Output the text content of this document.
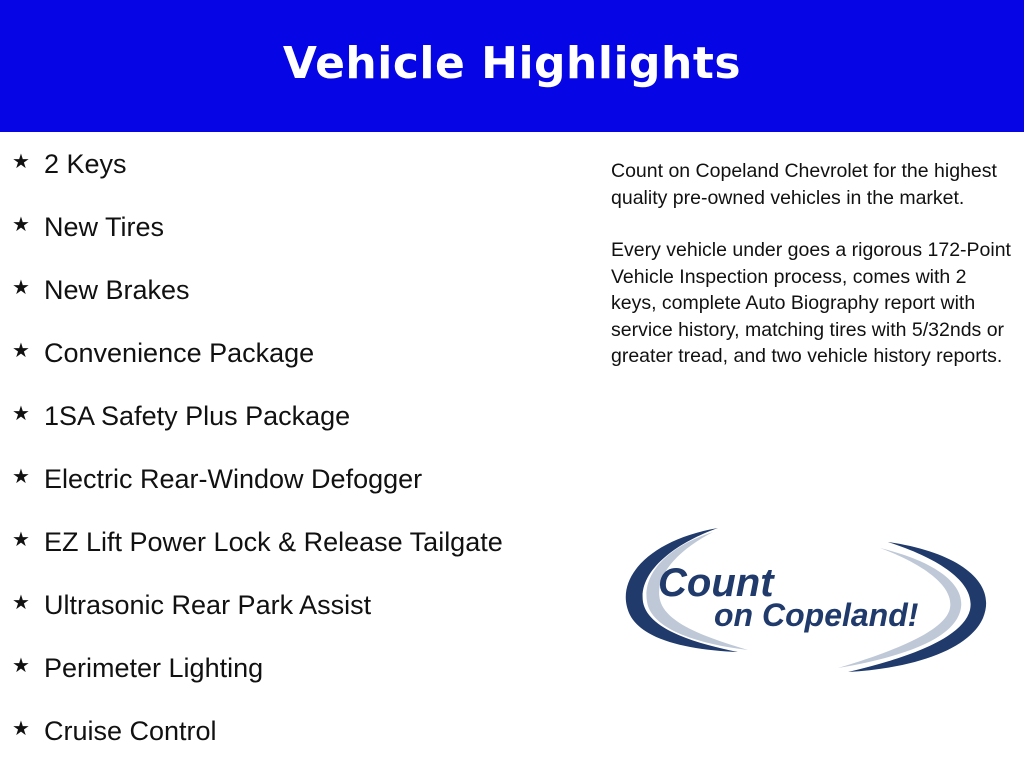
Vehicle Highlights
★ 2 Keys
★ New Tires
★ New Brakes
★ Convenience Package
★ 1SA Safety Plus Package
★ Electric Rear-Window Defogger
★ EZ Lift Power Lock & Release Tailgate
★ Ultrasonic Rear Park Assist
★ Perimeter Lighting
★ Cruise Control

Count on Copeland Chevrolet for the highest quality pre-owned vehicles in the market.

Every vehicle under goes a rigorous 172-Point Vehicle Inspection process, comes with 2 keys, complete Auto Biography report with service history, matching tires with 5/32nds or greater tread, and two vehicle history reports.

Count
on Copeland!
